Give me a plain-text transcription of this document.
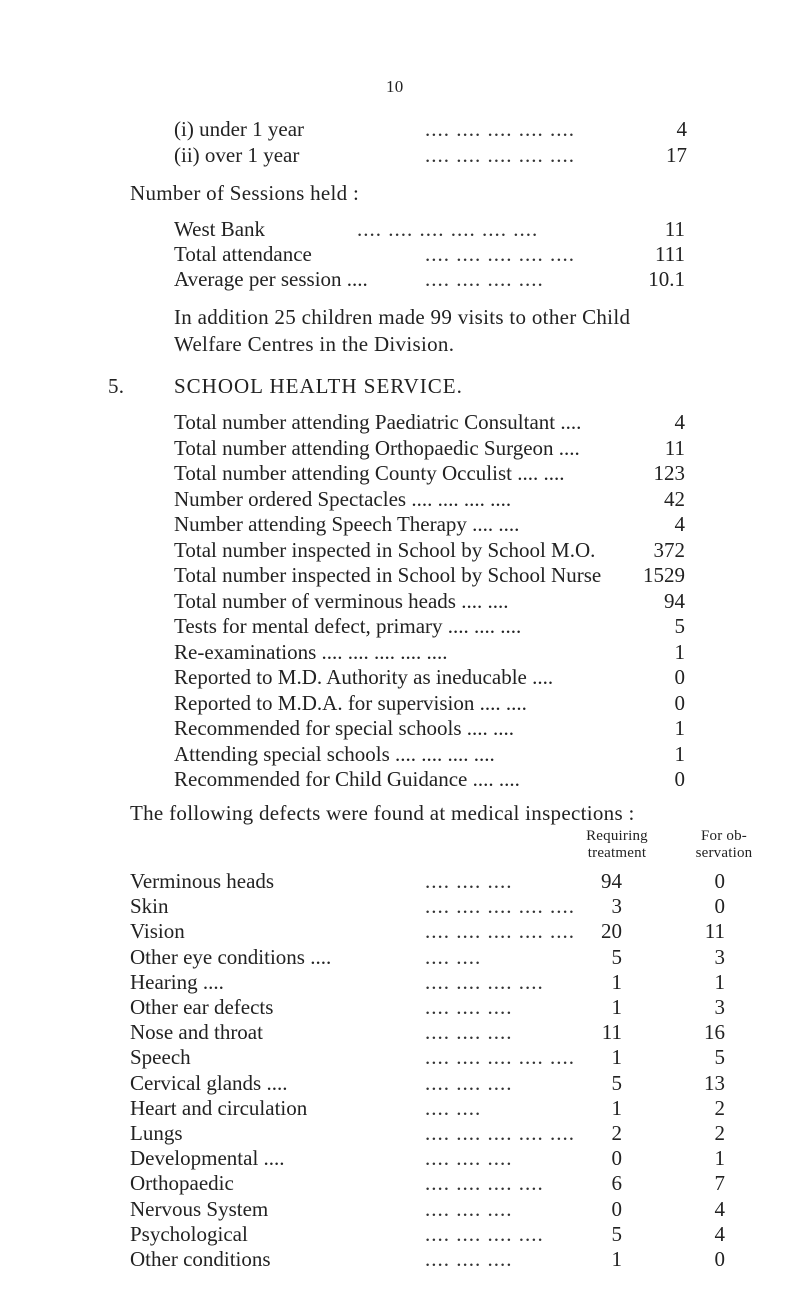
10
(i) under 1 year	.... .... .... .... ....	4
(ii) over 1 year	.... .... .... .... ....	17
Number of Sessions held :
West Bank	.... .... .... .... .... ....	11
Total attendance	.... .... .... .... ....	111
Average per session ....	.... .... .... ....	10.1
In addition 25 children made 99 visits to other Child
Welfare Centres in the Division.
5. SCHOOL HEALTH SERVICE.
Total number attending Paediatric Consultant ....	4
Total number attending Orthopaedic Surgeon ....	11
Total number attending County Occulist .... ....	123
Number ordered Spectacles .... .... .... ....	42
Number attending Speech Therapy .... ....	4
Total number inspected in School by School M.O.	372
Total number inspected in School by School Nurse 1529
Total number of verminous heads .... ....	94
Tests for mental defect, primary .... .... ....	5
Re-examinations .... .... .... .... ....	1
Reported to M.D. Authority as ineducable ....	0
Reported to M.D.A. for supervision .... ....	0
Recommended for special schools .... ....	1
Attending special schools .... .... .... ....	1
Recommended for Child Guidance .... ....	0
The following defects were found at medical inspections :
Requiring
treatment
For ob-
servation
Verminous heads	.... .... ....	94	0
Skin	.... .... .... .... .... 3	0
Vision	.... .... .... .... .... 20	11
Other eye conditions ....	.... ....	5	3
Hearing ....	.... .... .... ....	1	1
Other ear defects	.... .... ....	1	3
Nose and throat	.... .... ....	11	16
Speech	.... .... .... .... .... 1	5
Cervical glands ....	.... .... ....	5	13
Heart and circulation	.... ....	1	2
Lungs	.... .... .... .... .... 2	2
Developmental ....	.... .... ....	0	1
Orthopaedic	.... .... .... ....	6	7
Nervous System	.... .... ....	0	4
Psychological	.... .... .... ....	5	4
Other conditions	.... .... ....	1	0
